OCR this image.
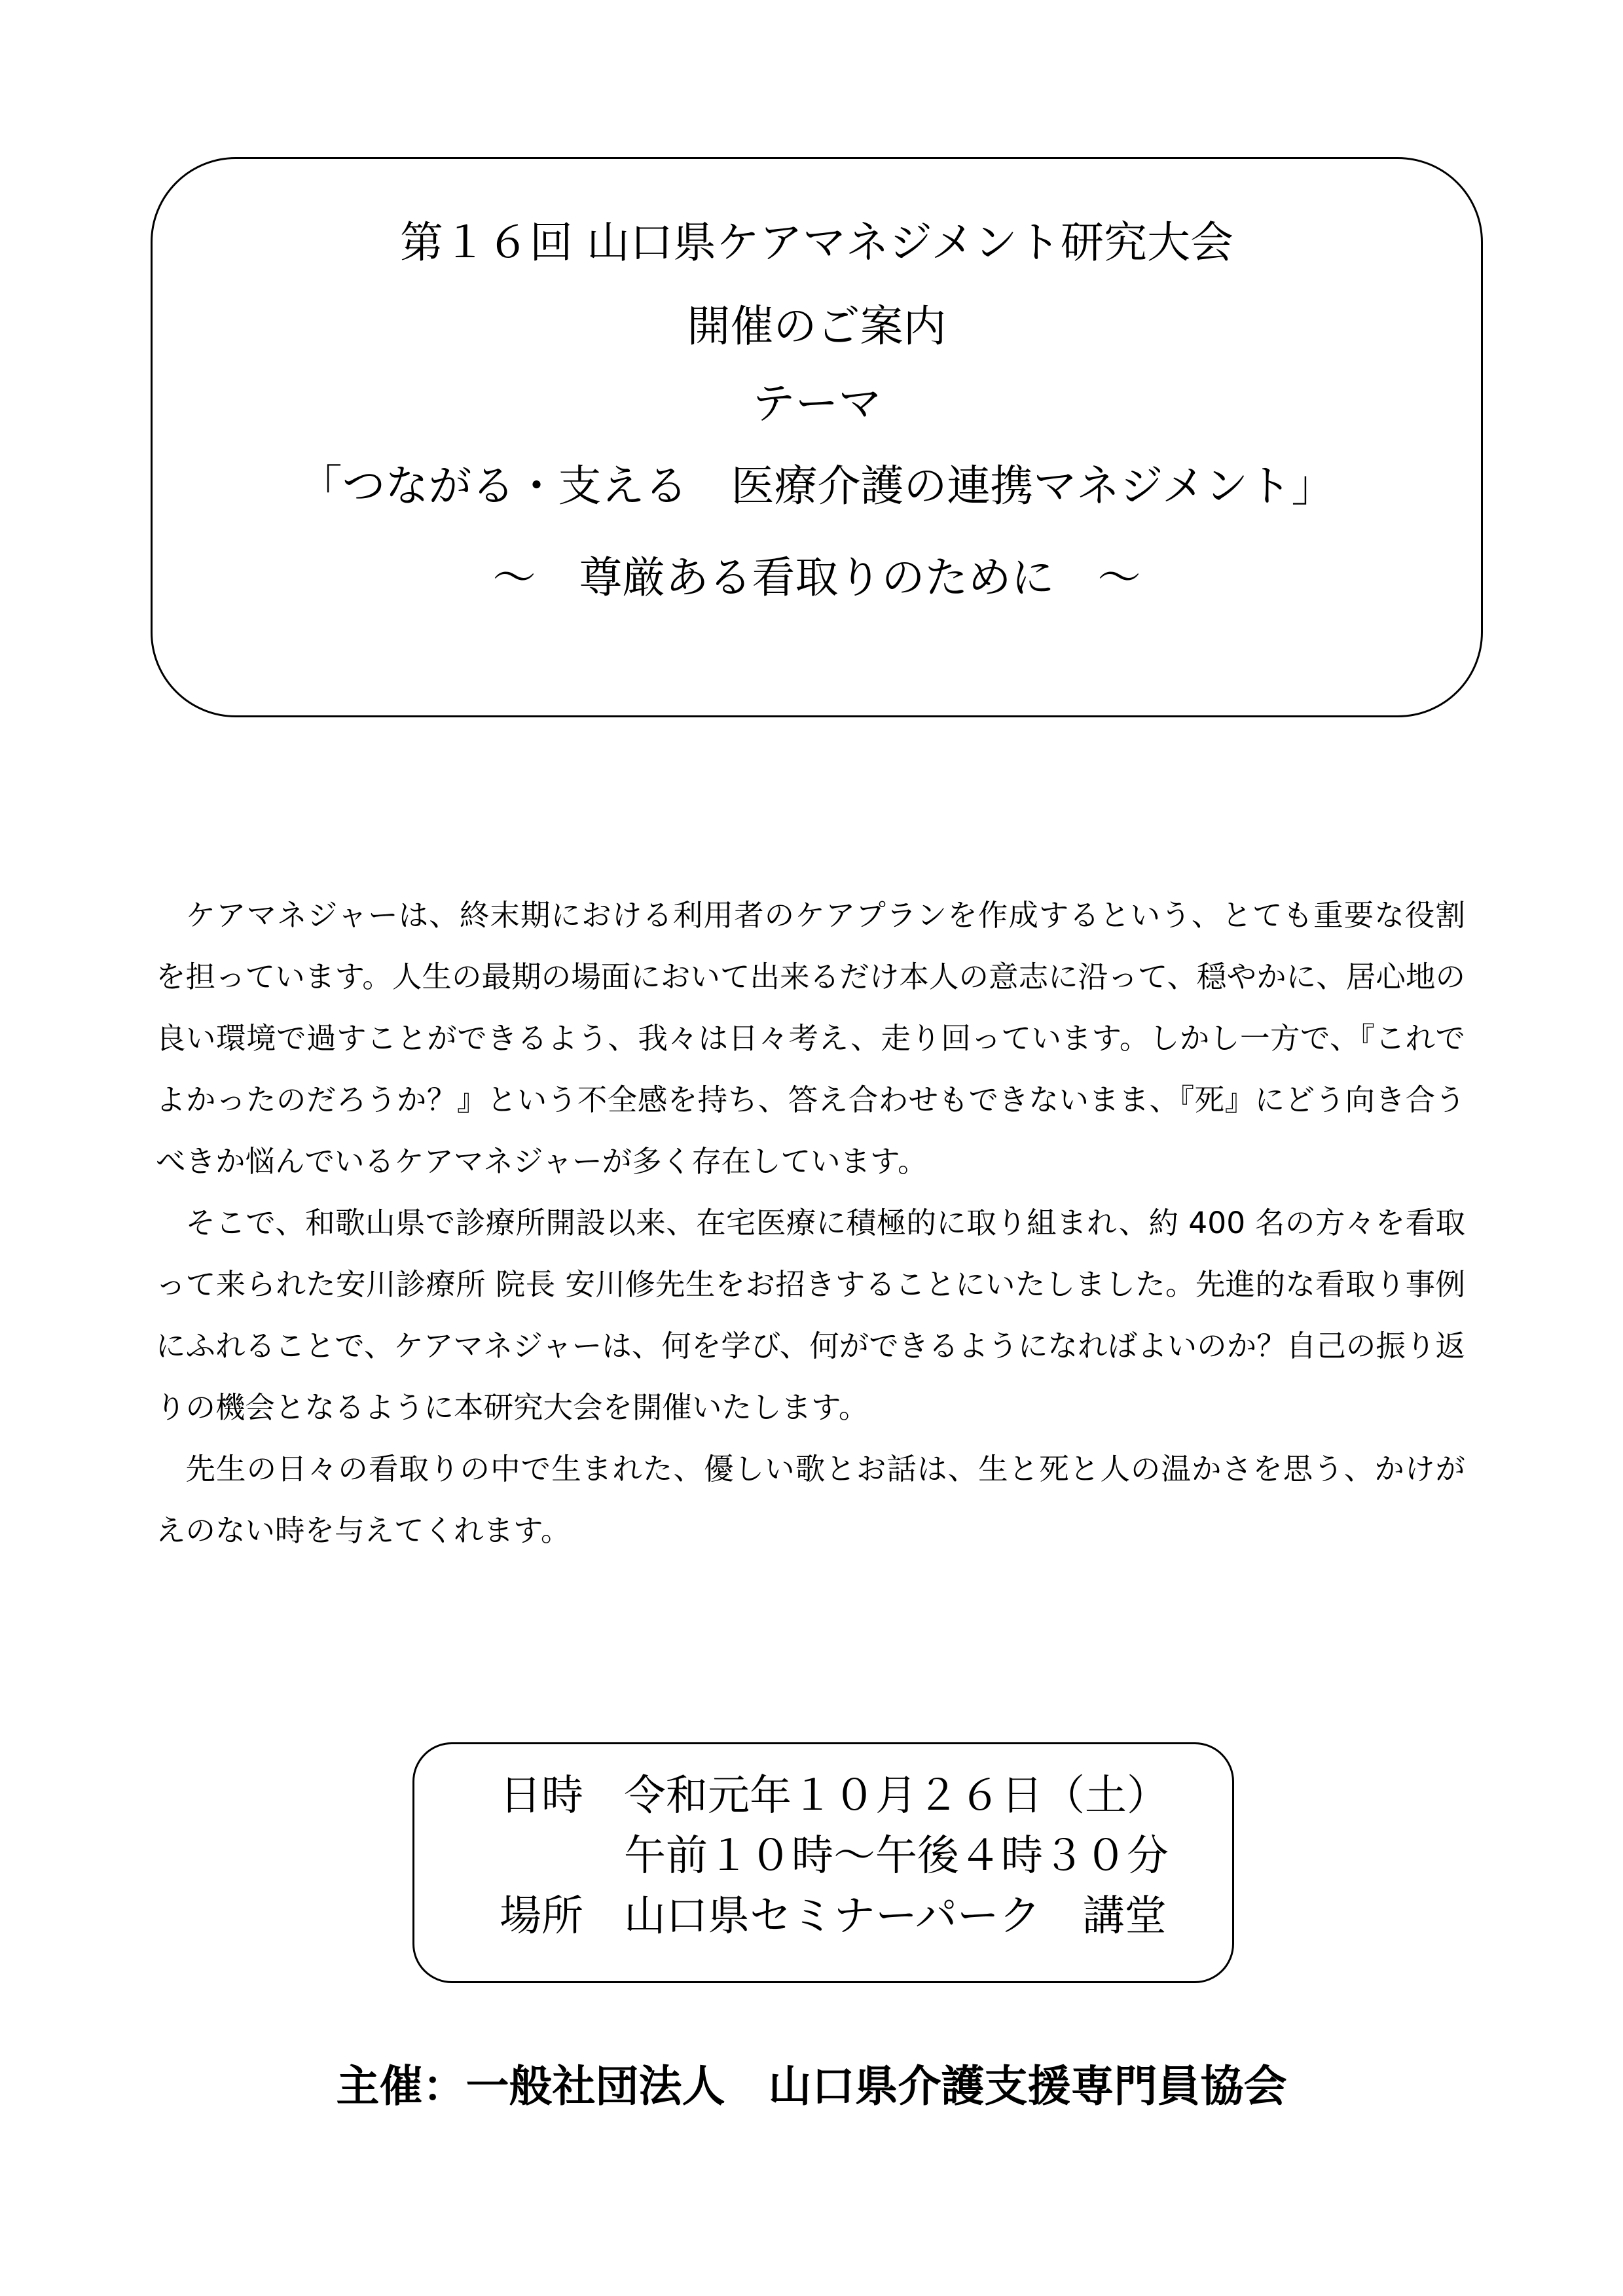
第１６回 山口県ケアマネジメント研究大会
開催のご案内
テーマ
「つながる・支える　医療介護の連携マネジメント」
～　尊厳ある看取りのために　～

ケアマネジャーは、終末期における利用者のケアプランを作成するという、とても重要な役割を担っています。人生の最期の場面において出来るだけ本人の意志に沿って、穏やかに、居心地の良い環境で過すことができるよう、我々は日々考え、走り回っています。しかし一方で、『これでよかったのだろうか？』という不全感を持ち、答え合わせもできないまま、『死』にどう向き合うべきか悩んでいるケアマネジャーが多く存在しています。

そこで、和歌山県で診療所開設以来、在宅医療に積極的に取り組まれ、約 400 名の方々を看取って来られた安川診療所 院長 安川修先生をお招きすることにいたしました。先進的な看取り事例にふれることで、ケアマネジャーは、何を学び、何ができるようになればよいのか？自己の振り返りの機会となるように本研究大会を開催いたします。

先生の日々の看取りの中で生まれた、優しい歌とお話は、生と死と人の温かさを思う、かけがえのない時を与えてくれます。

日時 令和元年１０月２６日（土）
午前１０時～午後４時３０分
場所 山口県セミナーパーク　講堂
主催：一般社団法人　山口県介護支援専門員協会
